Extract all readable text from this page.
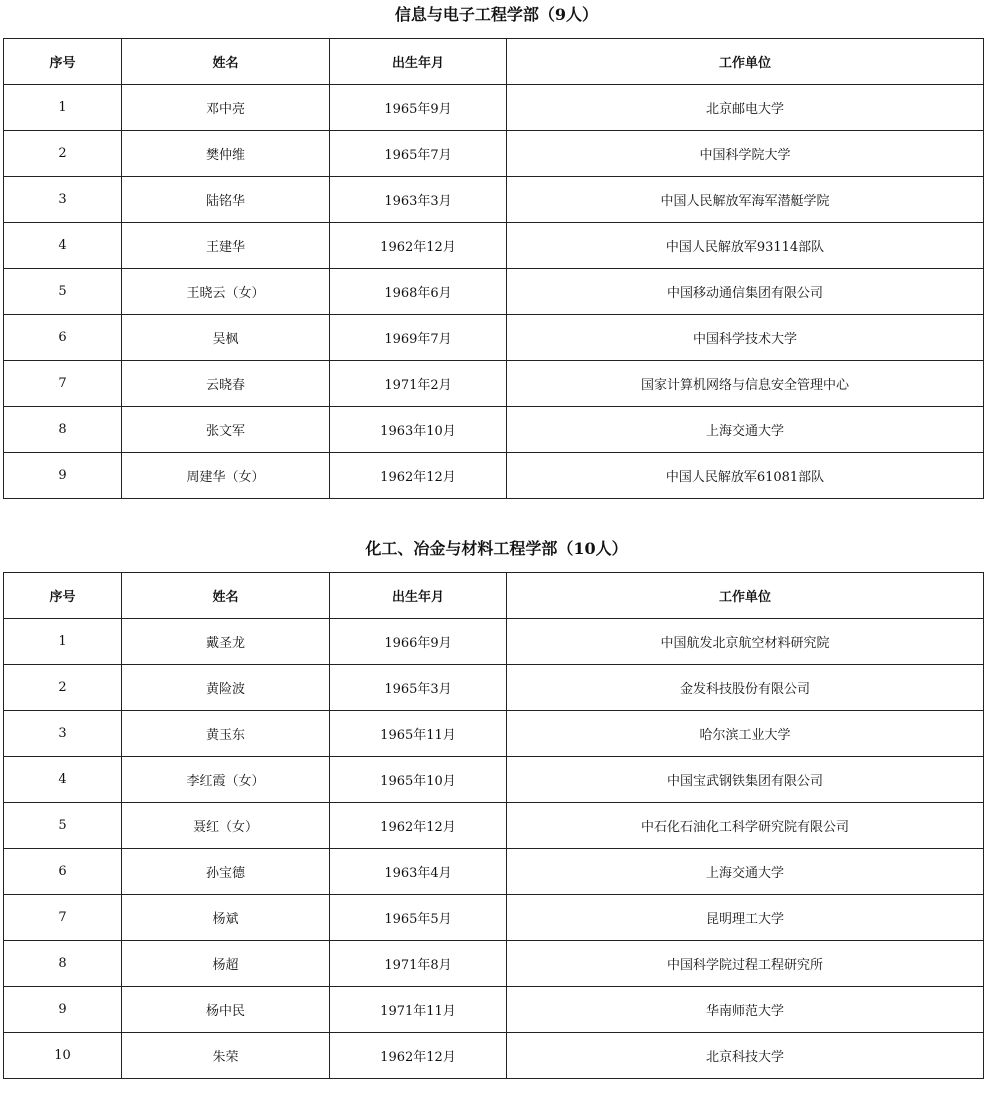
信息与电子工程学部（9人）
序号	姓名	出生年月	工作单位
1	邓中亮	1965年9月	北京邮电大学
2	樊仲维	1965年7月	中国科学院大学
3	陆铭华	1963年3月	中国人民解放军海军潜艇学院
4	王建华	1962年12月	中国人民解放军93114部队
5	王晓云（女）	1968年6月	中国移动通信集团有限公司
6	吴枫	1969年7月	中国科学技术大学
7	云晓春	1971年2月	国家计算机网络与信息安全管理中心
8	张文军	1963年10月	上海交通大学
9	周建华（女）	1962年12月	中国人民解放军61081部队
化工、冶金与材料工程学部（10人）
序号	姓名	出生年月	工作单位
1	戴圣龙	1966年9月	中国航发北京航空材料研究院
2	黄险波	1965年3月	金发科技股份有限公司
3	黄玉东	1965年11月	哈尔滨工业大学
4	李红霞（女）	1965年10月	中国宝武钢铁集团有限公司
5	聂红（女）	1962年12月	中石化石油化工科学研究院有限公司
6	孙宝德	1963年4月	上海交通大学
7	杨斌	1965年5月	昆明理工大学
8	杨超	1971年8月	中国科学院过程工程研究所
9	杨中民	1971年11月	华南师范大学
10	朱荣	1962年12月	北京科技大学
